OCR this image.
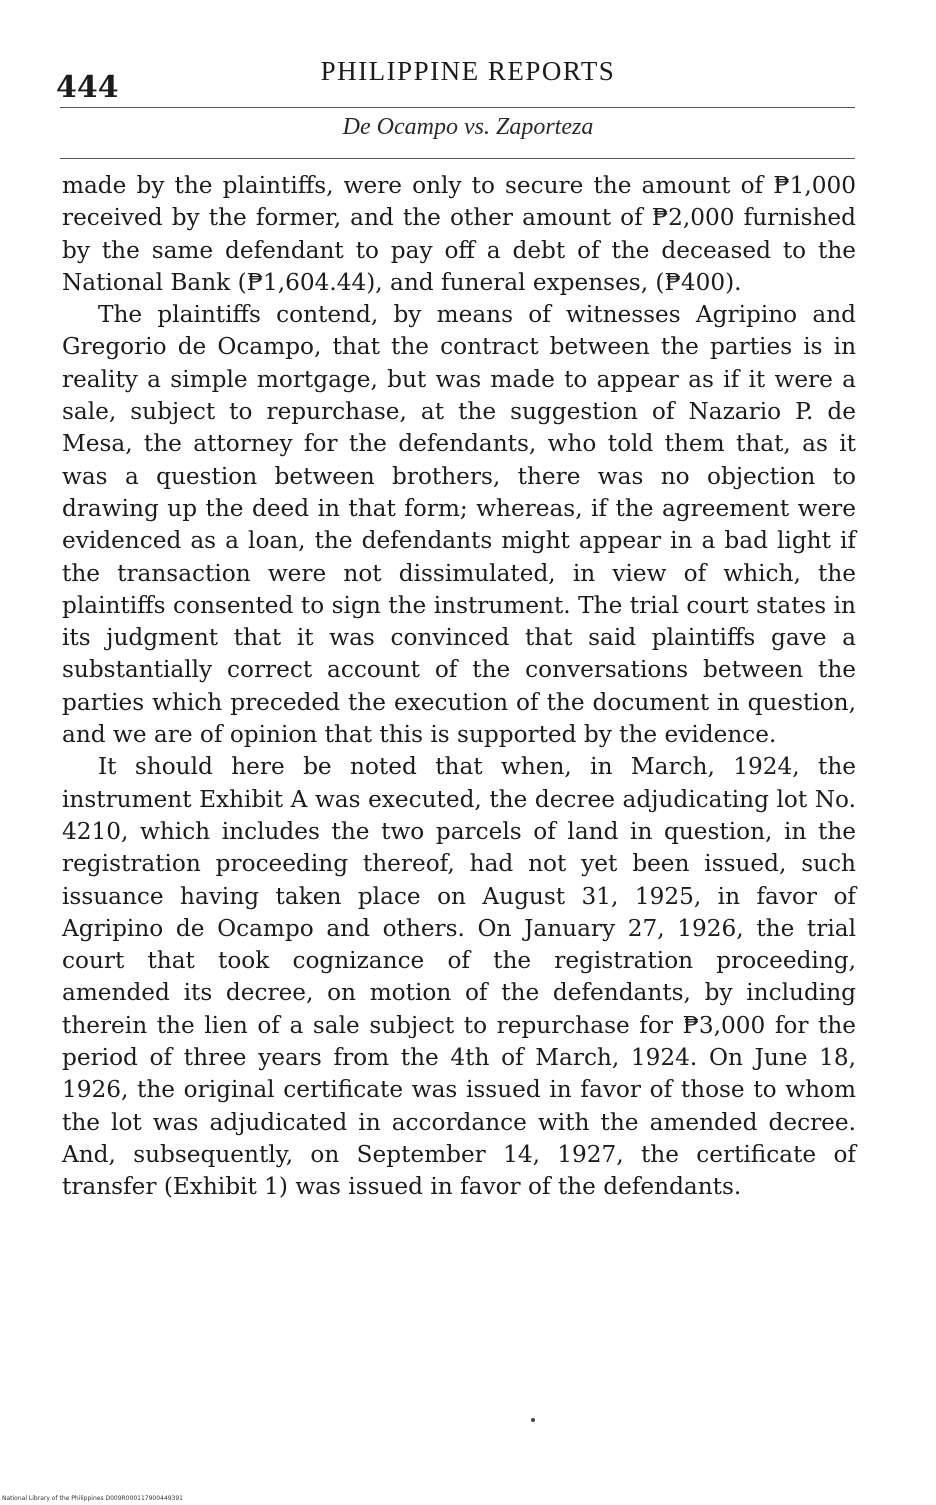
444	PHILIPPINE REPORTS
De Ocampo vs. Zaporteza

made by the plaintiffs, were only to secure the amount of ₱1,000 received by the former, and the other amount of ₱2,000 furnished by the same defendant to pay off a debt of the deceased to the National Bank (₱1,604.44), and funeral expenses, (₱400).

The plaintiffs contend, by means of witnesses Agripino and Gregorio de Ocampo, that the contract between the parties is in reality a simple mortgage, but was made to appear as if it were a sale, subject to repurchase, at the suggestion of Nazario P. de Mesa, the attorney for the defendants, who told them that, as it was a question between brothers, there was no objection to drawing up the deed in that form; whereas, if the agreement were evidenced as a loan, the defendants might appear in a bad light if the transaction were not dissimulated, in view of which, the plaintiffs consented to sign the instrument. The trial court states in its judgment that it was convinced that said plaintiffs gave a substantially correct account of the conversations between the parties which preceded the execution of the document in question, and we are of opinion that this is supported by the evidence.

It should here be noted that when, in March, 1924, the instrument Exhibit A was executed, the decree adjudicating lot No. 4210, which includes the two parcels of land in question, in the registration proceeding thereof, had not yet been issued, such issuance having taken place on August 31, 1925, in favor of Agripino de Ocampo and others. On January 27, 1926, the trial court that took cognizance of the registration proceeding, amended its decree, on motion of the defendants, by including therein the lien of a sale subject to repurchase for ₱3,000 for the period of three years from the 4th of March, 1924. On June 18, 1926, the original certificate was issued in favor of those to whom the lot was adjudicated in accordance with the amended decree. And, subsequently, on September 14, 1927, the certificate of transfer (Exhibit 1) was issued in favor of the defendants.

National Library of the Philippines D009R000117900449391
